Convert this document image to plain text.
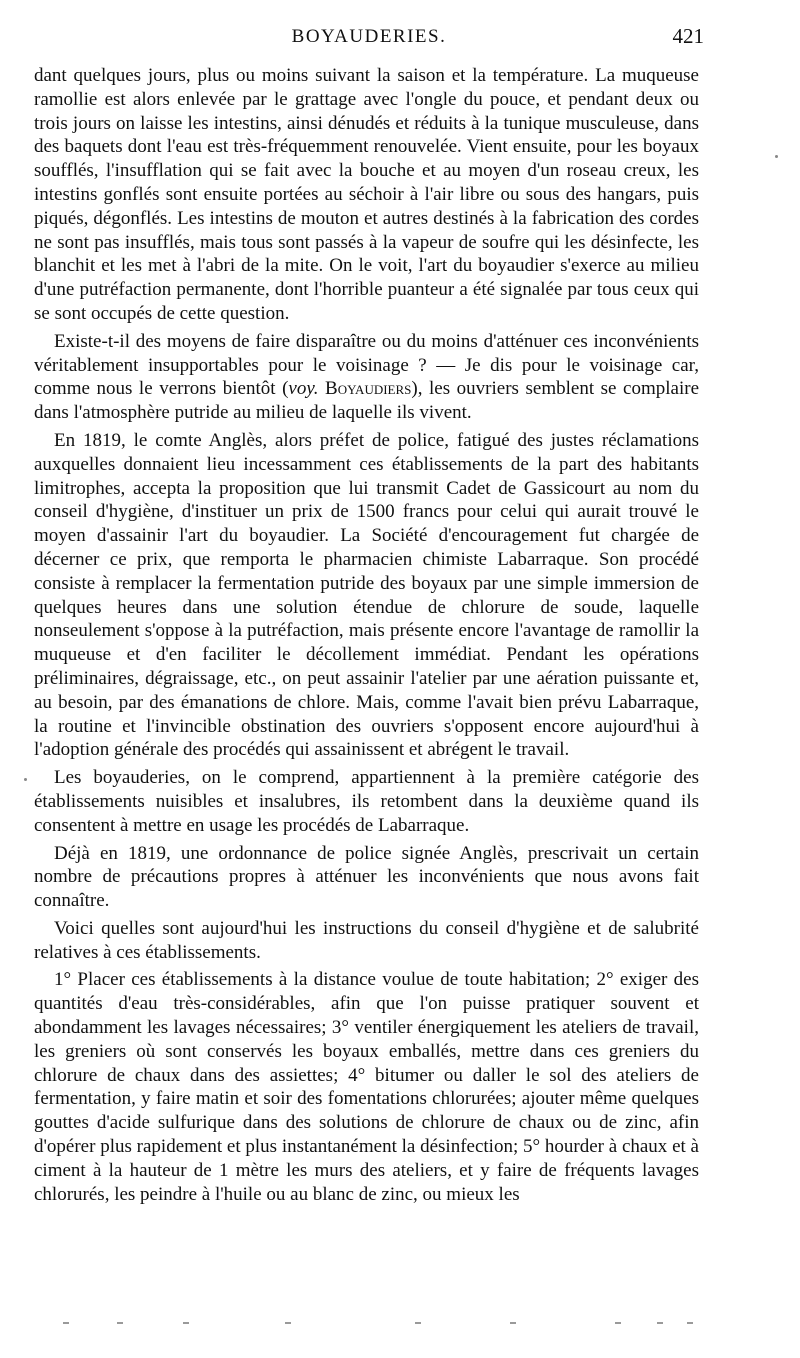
BOYAUDERIES.	421

dant quelques jours, plus ou moins suivant la saison et la température. La muqueuse ramollie est alors enlevée par le grattage avec l'ongle du pouce, et pendant deux ou trois jours on laisse les intestins, ainsi dénudés et réduits à la tunique musculeuse, dans des baquets dont l'eau est très-fréquemment renouvelée. Vient ensuite, pour les boyaux soufflés, l'insufflation qui se fait avec la bouche et au moyen d'un roseau creux, les intestins gonflés sont ensuite portées au séchoir à l'air libre ou sous des hangars, puis piqués, dégonflés. Les intestins de mouton et autres destinés à la fabrication des cordes ne sont pas insufflés, mais tous sont passés à la vapeur de soufre qui les désinfecte, les blanchit et les met à l'abri de la mite. On le voit, l'art du boyaudier s'exerce au milieu d'une putréfaction permanente, dont l'horrible puanteur a été signalée par tous ceux qui se sont occupés de cette question.

Existe-t-il des moyens de faire disparaître ou du moins d'atténuer ces inconvénients véritablement insupportables pour le voisinage ? — Je dis pour le voisinage car, comme nous le verrons bientôt (voy. Boyaudiers), les ouvriers semblent se complaire dans l'atmosphère putride au milieu de laquelle ils vivent.

En 1819, le comte Anglès, alors préfet de police, fatigué des justes réclamations auxquelles donnaient lieu incessamment ces établissements de la part des habitants limitrophes, accepta la proposition que lui transmit Cadet de Gassicourt au nom du conseil d'hygiène, d'instituer un prix de 1500 francs pour celui qui aurait trouvé le moyen d'assainir l'art du boyaudier. La Société d'encouragement fut chargée de décerner ce prix, que remporta le pharmacien chimiste Labarraque. Son procédé consiste à remplacer la fermentation putride des boyaux par une simple immersion de quelques heures dans une solution étendue de chlorure de soude, laquelle nonseulement s'oppose à la putréfaction, mais présente encore l'avantage de ramollir la muqueuse et d'en faciliter le décollement immédiat. Pendant les opérations préliminaires, dégraissage, etc., on peut assainir l'atelier par une aération puissante et, au besoin, par des émanations de chlore. Mais, comme l'avait bien prévu Labarraque, la routine et l'invincible obstination des ouvriers s'opposent encore aujourd'hui à l'adoption générale des procédés qui assainissent et abrégent le travail.

Les boyauderies, on le comprend, appartiennent à la première catégorie des établissements nuisibles et insalubres, ils retombent dans la deuxième quand ils consentent à mettre en usage les procédés de Labarraque.

Déjà en 1819, une ordonnance de police signée Anglès, prescrivait un certain nombre de précautions propres à atténuer les inconvénients que nous avons fait connaître.

Voici quelles sont aujourd'hui les instructions du conseil d'hygiène et de salubrité relatives à ces établissements.

1° Placer ces établissements à la distance voulue de toute habitation; 2° exiger des quantités d'eau très-considérables, afin que l'on puisse pratiquer souvent et abondamment les lavages nécessaires; 3° ventiler énergiquement les ateliers de travail, les greniers où sont conservés les boyaux emballés, mettre dans ces greniers du chlorure de chaux dans des assiettes; 4° bitumer ou daller le sol des ateliers de fermentation, y faire matin et soir des fomentations chlorurées; ajouter même quelques gouttes d'acide sulfurique dans des solutions de chlorure de chaux ou de zinc, afin d'opérer plus rapidement et plus instantanément la désinfection; 5° hourder à chaux et à ciment à la hauteur de 1 mètre les murs des ateliers, et y faire de fréquents lavages chlorurés, les peindre à l'huile ou au blanc de zinc, ou mieux les
